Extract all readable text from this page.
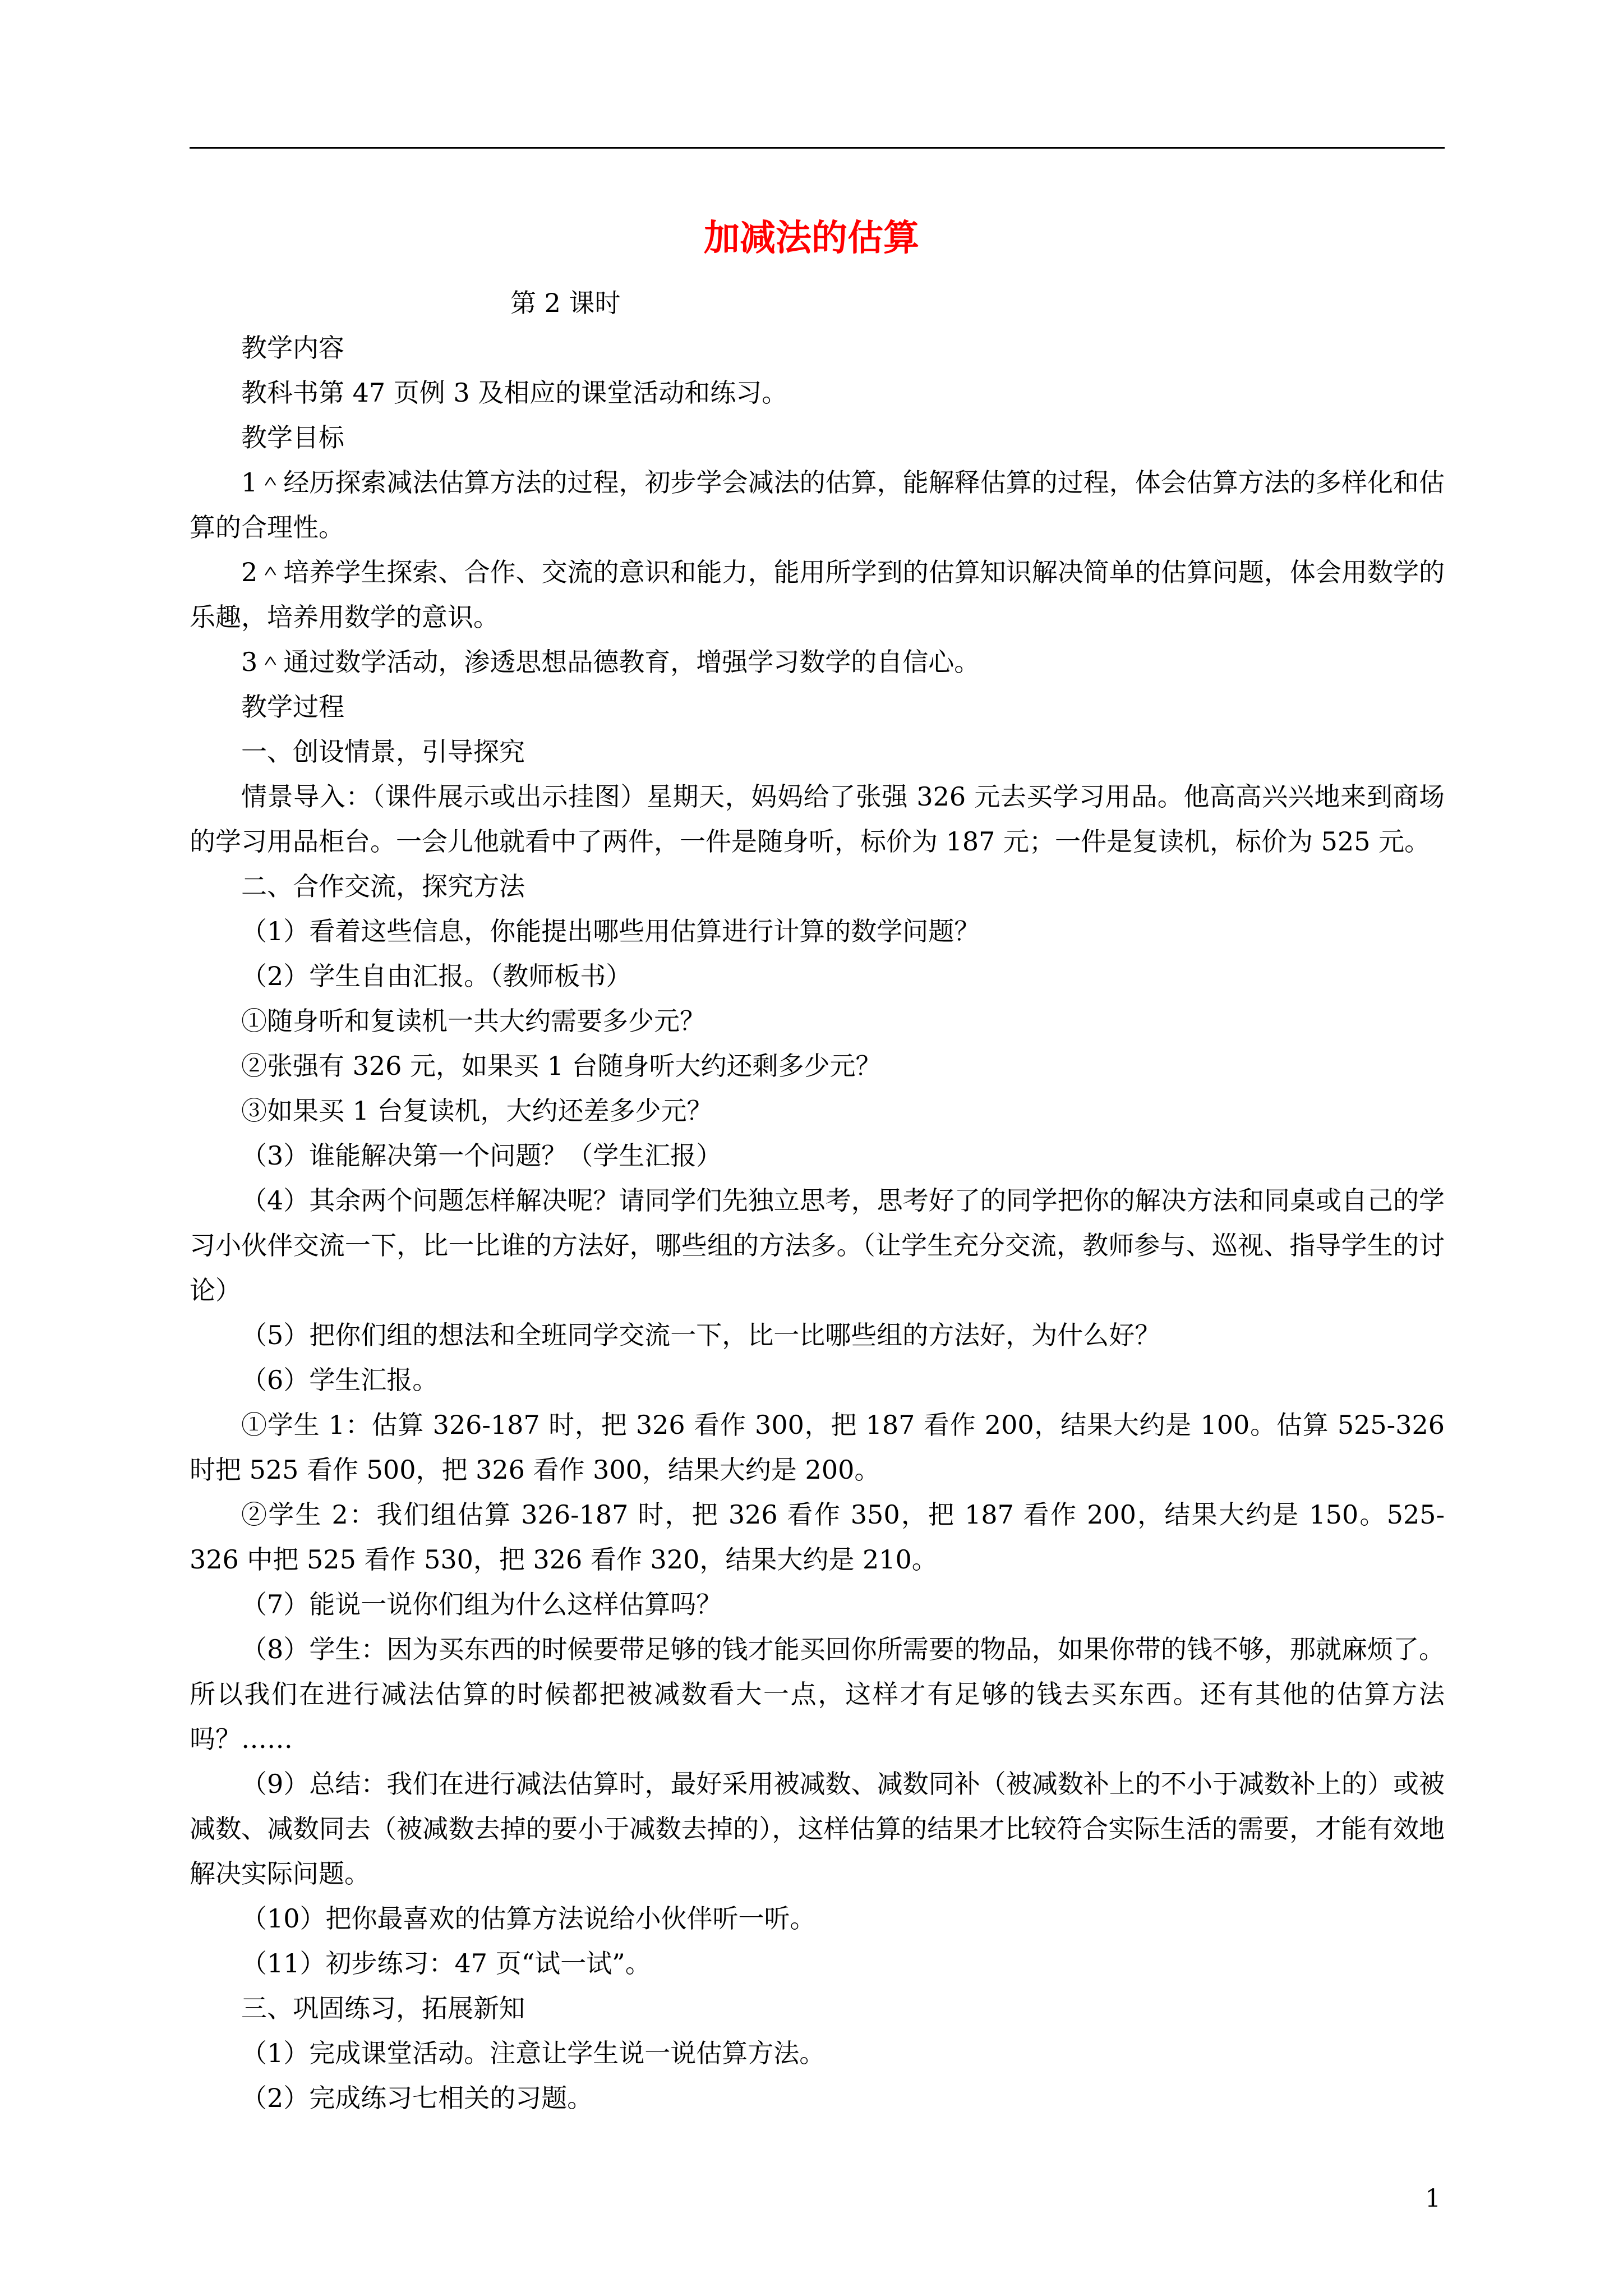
加减法的估算
第 2 课时

教学内容

教科书第 47 页例 3 及相应的课堂活动和练习。

教学目标

1＾经历探索减法估算方法的过程，初步学会减法的估算，能解释估算的过程，体会估算方法的多样化和估算的合理性。

2＾培养学生探索、合作、交流的意识和能力，能用所学到的估算知识解决简单的估算问题，体会用数学的乐趣，培养用数学的意识。

3＾通过数学活动，渗透思想品德教育，增强学习数学的自信心。

教学过程

一、创设情景，引导探究

情景导入：（课件展示或出示挂图）星期天，妈妈给了张强 326 元去买学习用品。他高高兴兴地来到商场的学习用品柜台。一会儿他就看中了两件，一件是随身听，标价为 187 元；一件是复读机，标价为 525 元。

二、合作交流，探究方法

（1）看着这些信息，你能提出哪些用估算进行计算的数学问题？

（2）学生自由汇报。（教师板书）

①随身听和复读机一共大约需要多少元？

②张强有 326 元，如果买 1 台随身听大约还剩多少元？

③如果买 1 台复读机，大约还差多少元？

（3）谁能解决第一个问题？（学生汇报）

（4）其余两个问题怎样解决呢？请同学们先独立思考，思考好了的同学把你的解决方法和同桌或自己的学习小伙伴交流一下，比一比谁的方法好，哪些组的方法多。（让学生充分交流，教师参与、巡视、指导学生的讨论）

（5）把你们组的想法和全班同学交流一下，比一比哪些组的方法好，为什么好？

（6）学生汇报。

①学生 1：估算 326-187 时，把 326 看作 300，把 187 看作 200，结果大约是 100。估算 525-326 时把 525 看作 500，把 326 看作 300，结果大约是 200。

②学生 2：我们组估算 326-187 时，把 326 看作 350，把 187 看作 200，结果大约是 150。525-326 中把 525 看作 530，把 326 看作 320，结果大约是 210。

（7）能说一说你们组为什么这样估算吗？

（8）学生：因为买东西的时候要带足够的钱才能买回你所需要的物品，如果你带的钱不够，那就麻烦了。所以我们在进行减法估算的时候都把被减数看大一点，这样才有足够的钱去买东西。还有其他的估算方法吗？……

（9）总结：我们在进行减法估算时，最好采用被减数、减数同补（被减数补上的不小于减数补上的）或被减数、减数同去（被减数去掉的要小于减数去掉的），这样估算的结果才比较符合实际生活的需要，才能有效地解决实际问题。

（10）把你最喜欢的估算方法说给小伙伴听一听。

（11）初步练习：47 页“试一试”。

三、巩固练习，拓展新知

（1）完成课堂活动。注意让学生说一说估算方法。

（2）完成练习七相关的习题。

1
